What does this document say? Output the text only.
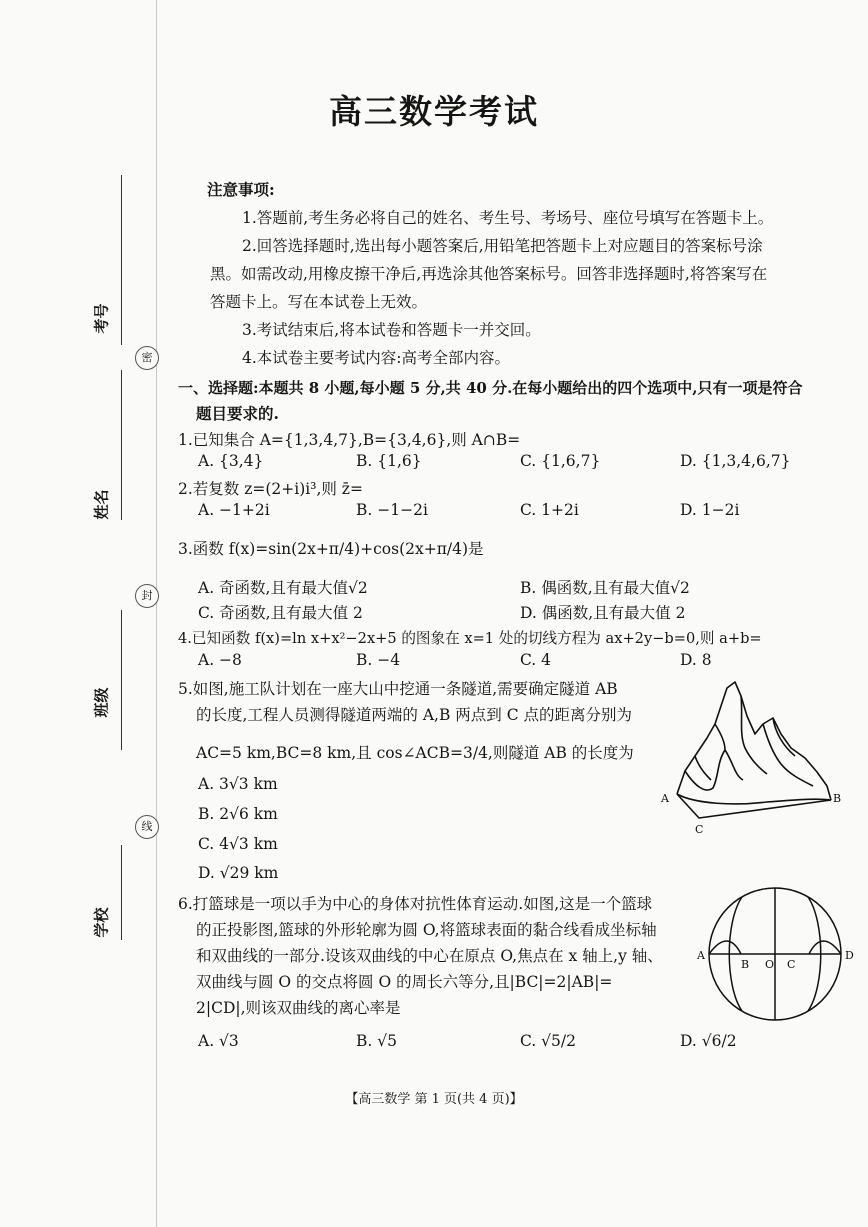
考号
密
姓名
封
班级
线
学校
高三数学考试
注意事项:
1.答题前,考生务必将自己的姓名、考生号、考场号、座位号填写在答题卡上。
2.回答选择题时,选出每小题答案后,用铅笔把答题卡上对应题目的答案标号涂
黑。如需改动,用橡皮擦干净后,再选涂其他答案标号。回答非选择题时,将答案写在
答题卡上。写在本试卷上无效。
3.考试结束后,将本试卷和答题卡一并交回。
4.本试卷主要考试内容:高考全部内容。
一、选择题:本题共 8 小题,每小题 5 分,共 40 分.在每小题给出的四个选项中,只有一项是符合
题目要求的.
1.已知集合 A={1,3,4,7},B={3,4,6},则 A∩B=
A. {3,4}	B. {1,6}	C. {1,6,7}	D. {1,3,4,6,7}
2.若复数 z=(2+i)i³,则 z̄=
A. −1+2i	B. −1−2i	C. 1+2i	D. 1−2i
3.函数 f(x)=sin(2x+π/4)+cos(2x+π/4)是
A. 奇函数,且有最大值√2	B. 偶函数,且有最大值√2
C. 奇函数,且有最大值 2	D. 偶函数,且有最大值 2
4.已知函数 f(x)=ln x+x²−2x+5 的图象在 x=1 处的切线方程为 ax+2y−b=0,则 a+b=
A. −8	B. −4	C. 4	D. 8
5.如图,施工队计划在一座大山中挖通一条隧道,需要确定隧道 AB
的长度,工程人员测得隧道两端的 A,B 两点到 C 点的距离分别为
AC=5 km,BC=8 km,且 cos∠ACB=3/4,则隧道 AB 的长度为
A. 3√3 km
B. 2√6 km
C. 4√3 km
D. √29 km
A	B
C
6.打篮球是一项以手为中心的身体对抗性体育运动.如图,这是一个篮球
的正投影图,篮球的外形轮廓为圆 O,将篮球表面的黏合线看成坐标轴
和双曲线的一部分.设该双曲线的中心在原点 O,焦点在 x 轴上,y 轴、
双曲线与圆 O 的交点将圆 O 的周长六等分,且|BC|=2|AB|=
2|CD|,则该双曲线的离心率是
A. √3	B. √5	C. √5/2	D. √6/2
A
B O C
D
【高三数学 第 1 页(共 4 页)】
